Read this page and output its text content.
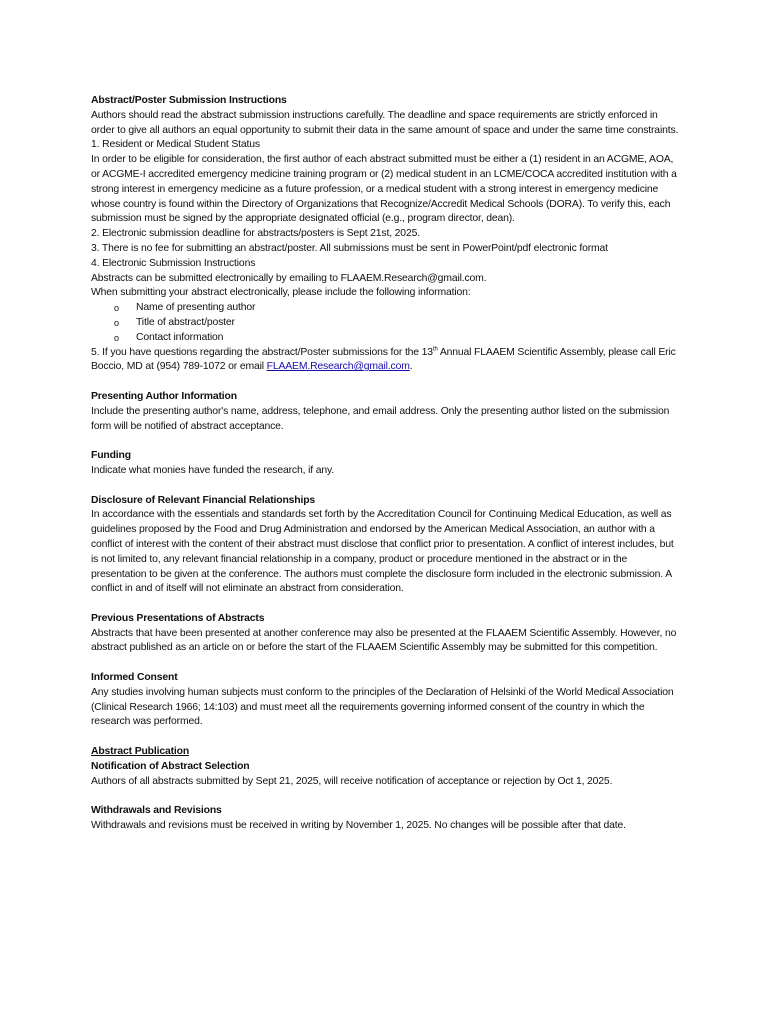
Abstract/Poster Submission Instructions

Authors should read the abstract submission instructions carefully. The deadline and space requirements are strictly enforced in order to give all authors an equal opportunity to submit their data in the same amount of space and under the same time constraints.

1. Resident or Medical Student Status

In order to be eligible for consideration, the first author of each abstract submitted must be either a (1) resident in an ACGME, AOA, or ACGME-I accredited emergency medicine training program or (2) medical student in an LCME/COCA accredited institution with a strong interest in emergency medicine as a future profession, or a medical student with a strong interest in emergency medicine whose country is found within the Directory of Organizations that Recognize/Accredit Medical Schools (DORA). To verify this, each submission must be signed by the appropriate designated official (e.g., program director, dean).

2. Electronic submission deadline for abstracts/posters is Sept 21st, 2025.

3. There is no fee for submitting an abstract/poster. All submissions must be sent in PowerPoint/pdf electronic format

4. Electronic Submission Instructions

Abstracts can be submitted electronically by emailing to FLAAEM.Research@gmail.com.

When submitting your abstract electronically, please include the following information:

o Name of presenting author
o Title of abstract/poster
o Contact information

5. If you have questions regarding the abstract/Poster submissions for the 13th Annual FLAAEM Scientific Assembly, please call Eric Boccio, MD at (954) 789-1072 or email FLAAEM.Research@gmail.com.

Presenting Author Information

Include the presenting author's name, address, telephone, and email address. Only the presenting author listed on the submission form will be notified of abstract acceptance.

Funding

Indicate what monies have funded the research, if any.

Disclosure of Relevant Financial Relationships

In accordance with the essentials and standards set forth by the Accreditation Council for Continuing Medical Education, as well as guidelines proposed by the Food and Drug Administration and endorsed by the American Medical Association, an author with a conflict of interest with the content of their abstract must disclose that conflict prior to presentation. A conflict of interest includes, but is not limited to, any relevant financial relationship in a company, product or procedure mentioned in the abstract or in the presentation to be given at the conference. The authors must complete the disclosure form included in the electronic submission. A conflict in and of itself will not eliminate an abstract from consideration.

Previous Presentations of Abstracts

Abstracts that have been presented at another conference may also be presented at the FLAAEM Scientific Assembly. However, no abstract published as an article on or before the start of the FLAAEM Scientific Assembly may be submitted for this competition.

Informed Consent

Any studies involving human subjects must conform to the principles of the Declaration of Helsinki of the World Medical Association (Clinical Research 1966; 14:103) and must meet all the requirements governing informed consent of the country in which the research was performed.

Abstract Publication

Notification of Abstract Selection

Authors of all abstracts submitted by Sept 21, 2025, will receive notification of acceptance or rejection by Oct 1, 2025.

Withdrawals and Revisions

Withdrawals and revisions must be received in writing by November 1, 2025. No changes will be possible after that date.
